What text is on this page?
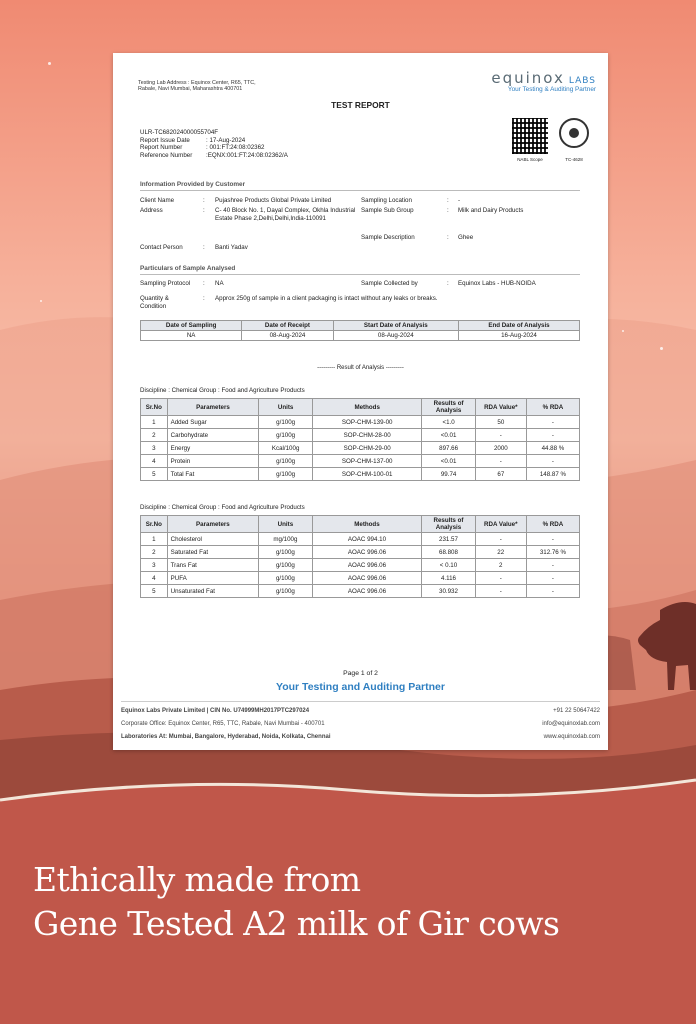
Testing Lab Address : Equinox Center, R65, TTC, Rabale, Navi Mumbai, Maharashtra 400701
TEST REPORT
equinox LABS
Your Testing & Auditing Partner
NABL Scope	TC-4628
ULR-TC682024000055704F
Report Issue Date	: 17-Aug-2024
Report Number	: 001:FT:24:08:02362
Reference Number :EQNX:001:FT:24:08:02362/A
Information Provided by Customer
Client Name	: Pujashree Products Global Private Limited
Address	: C- 40 Block No. 1, Dayal Complex, Okhla Industrial Estate Phase 2,Delhi,Delhi,India-110091
Contact Person	: Banti Yadav
Sampling Location	: -
Sample Sub Group	: Milk and Dairy Products
Sample Description	: Ghee
Particulars of Sample Analysed
Sampling Protocol : NA	Sample Collected by	: Equinox Labs - HUB-NOIDA
Quantity & Condition
: Approx 250g of sample in a client packaging is intact without any leaks or breaks.
Date of Sampling	Date of Receipt	Start Date of Analysis	End Date of Analysis
NA	08-Aug-2024	08-Aug-2024	16-Aug-2024
--------- Result of Analysis ---------
Discipline : Chemical Group : Food and Agriculture Products
Sr.No	Parameters	Units	Methods	Results of Analysis	RDA Value*	% RDA
1	Added Sugar	g/100g	SOP-CHM-139-00	<1.0	50	-
2	Carbohydrate	g/100g	SOP-CHM-28-00	<0.01	-	-
3	Energy	Kcal/100g	SOP-CHM-29-00	897.66	2000	44.88 %
4	Protein	g/100g	SOP-CHM-137-00	<0.01	-	-
5	Total Fat	g/100g	SOP-CHM-100-01	99.74	67	148.87 %
Discipline : Chemical Group : Food and Agriculture Products
Sr.No	Parameters	Units	Methods	Results of Analysis	RDA Value*	% RDA
1	Cholesterol	mg/100g	AOAC 994.10	231.57	-	-
2	Saturated Fat	g/100g	AOAC 996.06	68.808	22	312.76 %
3	Trans Fat	g/100g	AOAC 996.06	< 0.10	2	-
4	PUFA	g/100g	AOAC 996.06	4.116	-	-
5	Unsaturated Fat	g/100g	AOAC 996.06	30.932	-	-
Page 1 of 2
Your Testing and Auditing Partner
Equinox Labs Private Limited | CIN No. U74999MH2017PTC297024
Corporate Office: Equinox Center, R65, TTC, Rabale, Navi Mumbai - 400701
Laboratories At: Mumbai, Bangalore, Hyderabad, Noida, Kolkata, Chennai
+91 22 50647422
info@equinoxlab.com
www.equinoxlab.com
Ethically made from
Gene Tested A2 milk of Gir cows
